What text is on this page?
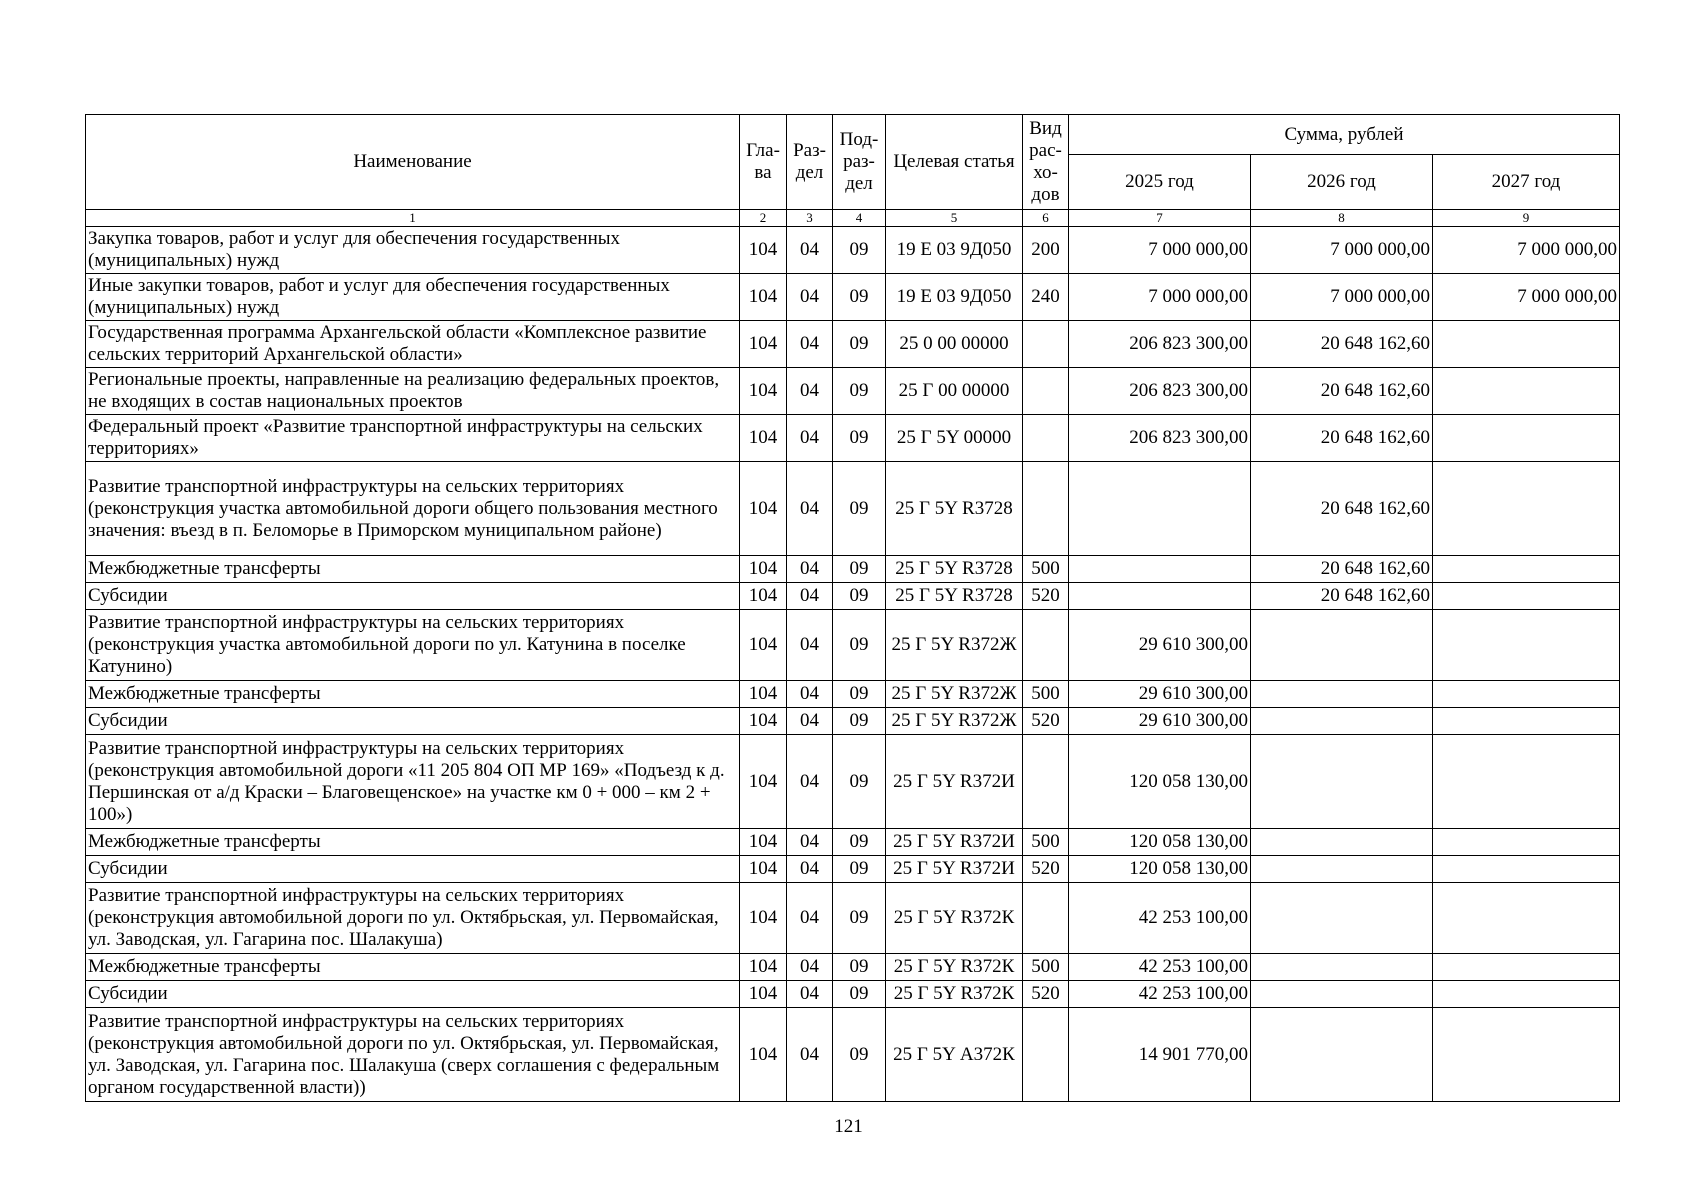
Наименование	Гла-ва	Раз-дел	Под-раз-дел	Целевая статья	Вид рас-хо-дов	Сумма, рублей		
						2025 год	2026 год	2027 год
1	2	3	4	5	6	7	8	9
Закупка товаров, работ и услуг для обеспечения государственных (муниципальных) нужд	104	04	09	19 Е 03 9Д050	200	7 000 000,00	7 000 000,00	7 000 000,00
Иные закупки товаров, работ и услуг для обеспечения государственных (муниципальных) нужд	104	04	09	19 Е 03 9Д050	240	7 000 000,00	7 000 000,00	7 000 000,00
Государственная программа Архангельской области «Комплексное развитие сельских территорий Архангельской области»	104	04	09	25 0 00 00000		206 823 300,00	20 648 162,60	
Региональные проекты, направленные на реализацию федеральных проектов, не входящих в состав национальных проектов	104	04	09	25 Г 00 00000		206 823 300,00	20 648 162,60	
Федеральный проект «Развитие транспортной инфраструктуры на сельских территориях»	104	04	09	25 Г 5Y 00000		206 823 300,00	20 648 162,60	
Развитие транспортной инфраструктуры на сельских территориях (реконструкция участка автомобильной дороги общего пользования местного значения: въезд в п. Беломорье в Приморском муниципальном районе)	104	04	09	25 Г 5Y R3728			20 648 162,60	
Межбюджетные трансферты	104	04	09	25 Г 5Y R3728	500		20 648 162,60	
Субсидии	104	04	09	25 Г 5Y R3728	520		20 648 162,60	
Развитие транспортной инфраструктуры на сельских территориях (реконструкция участка автомобильной дороги по ул. Катунина в поселке Катунино)	104	04	09	25 Г 5Y R372Ж		29 610 300,00		
Межбюджетные трансферты	104	04	09	25 Г 5Y R372Ж	500	29 610 300,00		
Субсидии	104	04	09	25 Г 5Y R372Ж	520	29 610 300,00		
Развитие транспортной инфраструктуры на сельских территориях (реконструкция автомобильной дороги «11 205 804 ОП МР 169» «Подъезд к д. Першинская от а/д Краски – Благовещенское» на участке км 0 + 000 – км 2 + 100»)	104	04	09	25 Г 5Y R372И		120 058 130,00		
Межбюджетные трансферты	104	04	09	25 Г 5Y R372И	500	120 058 130,00		
Субсидии	104	04	09	25 Г 5Y R372И	520	120 058 130,00		
Развитие транспортной инфраструктуры на сельских территориях (реконструкция автомобильной дороги по ул. Октябрьская, ул. Первомайская, ул. Заводская, ул. Гагарина пос. Шалакуша)	104	04	09	25 Г 5Y R372К		42 253 100,00		
Межбюджетные трансферты	104	04	09	25 Г 5Y R372К	500	42 253 100,00		
Субсидии	104	04	09	25 Г 5Y R372К	520	42 253 100,00		
Развитие транспортной инфраструктуры на сельских территориях (реконструкция автомобильной дороги по ул. Октябрьская, ул. Первомайская, ул. Заводская, ул. Гагарина пос. Шалакуша (сверх соглашения с федеральным органом государственной власти))	104	04	09	25 Г 5Y А372К		14 901 770,00		
121
